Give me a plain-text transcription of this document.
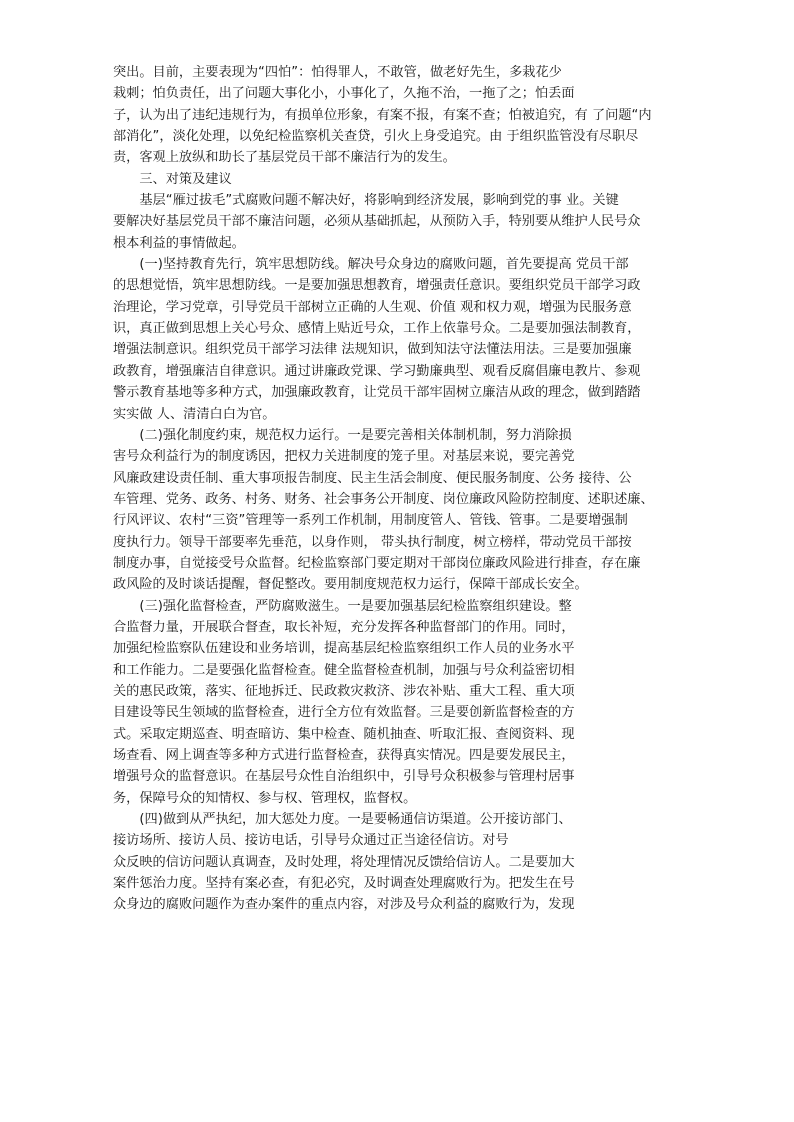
突出。目前，主要表现为“四怕”：怕得罪人，不敢管，做老好先生，多栽花少
栽刺；怕负责任，出了问题大事化小，小事化了，久拖不治，一拖了之；怕丢面
子，认为出了违纪违规行为，有损单位形象，有案不报，有案不查；怕被追究，有 了问题“内
部消化”，淡化处理，以免纪检监察机关查贷，引火上身受追究。由 于组织监管没有尽职尽
责，客观上放纵和助长了基层党员干部不廉洁行为的发生。
　　三、对策及建议
　　基层“雁过拔毛”式腐败问题不解决好，将影响到经济发展，影响到党的事 业。关键
要解决好基层党员干部不廉洁问题，必须从基础抓起，从预防入手，特别要从维护人民号众
根本利益的事情做起。
　　(一)坚持教育先行，筑牢思想防线。解决号众身边的腐败问题，首先要提高 党员干部
的思想觉悟，筑牢思想防线。一是要加强思想教育，增强责任意识。要组织党员干部学习政
治理论，学习党章，引导党员干部树立正确的人生观、价值 观和权力观，增强为民服务意
识，真正做到思想上关心号众、感情上贴近号众，工作上依靠号众。二是要加强法制教育，
增强法制意识。组织党员干部学习法律 法规知识，做到知法守法懂法用法。三是要加强廉
政教育，增强廉洁自律意识。通过讲廉政党课、学习勤廉典型、观看反腐倡廉电教片、参观
警示教育基地等多种方式，加强廉政教育，让党员干部牢固树立廉洁从政的理念，做到踏踏
实实做 人、清清白白为官。
　　(二)强化制度约束，规范权力运行。一是要完善相关体制机制，努力消除损
害号众利益行为的制度诱因，把权力关进制度的笼子里。对基层来说，要完善党
风廉政建设责任制、重大事项报告制度、民主生活会制度、便民服务制度、公务 接待、公
车管理、党务、政务、村务、财务、社会事务公开制度、岗位廉政风险防控制度、述职述廉、
行风评议、农村“三资”管理等一系列工作机制，用制度管人、管钱、管事。二是要增强制
度执行力。领导干部要率先垂范，以身作则， 带头执行制度，树立榜样，带动党员干部按
制度办事，自觉接受号众监督。纪检监察部门要定期对干部岗位廉政风险进行排查，存在廉
政风险的及时谈话提醒，督促整改。要用制度规范权力运行，保障干部成长安全。
　　(三)强化监督检查，严防腐败滋生。一是要加强基层纪检监察组织建设。整
合监督力量，开展联合督查，取长补短，充分发挥各种监督部门的作用。同时，
加强纪检监察队伍建设和业务培训，提高基层纪检监察组织工作人员的业务水平
和工作能力。二是要强化监督检查。健全监督检查机制，加强与号众利益密切相
关的惠民政策，落实、征地拆迁、民政救灾救济、涉农补贴、重大工程、重大项
目建设等民生领域的监督检查，进行全方位有效监督。三是要创新监督检查的方
式。采取定期巡查、明查暗访、集中检查、随机抽查、听取汇报、查阅资料、现
场查看、网上调查等多种方式进行监督检查，获得真实情况。四是要发展民主，
增强号众的监督意识。在基层号众性自治组织中，引导号众积极参与管理村居事
务，保障号众的知情权、参与权、管理权，监督权。
　　(四)做到从严执纪，加大惩处力度。一是要畅通信访渠道。公开接访部门、
接访场所、接访人员、接访电话，引导号众通过正当途径信访。对号
众反映的信访问题认真调查，及时处理，将处理情况反馈给信访人。二是要加大
案件惩治力度。坚持有案必查，有犯必究，及时调查处理腐败行为。把发生在号
众身边的腐败问题作为查办案件的重点内容，对涉及号众利益的腐败行为，发现
